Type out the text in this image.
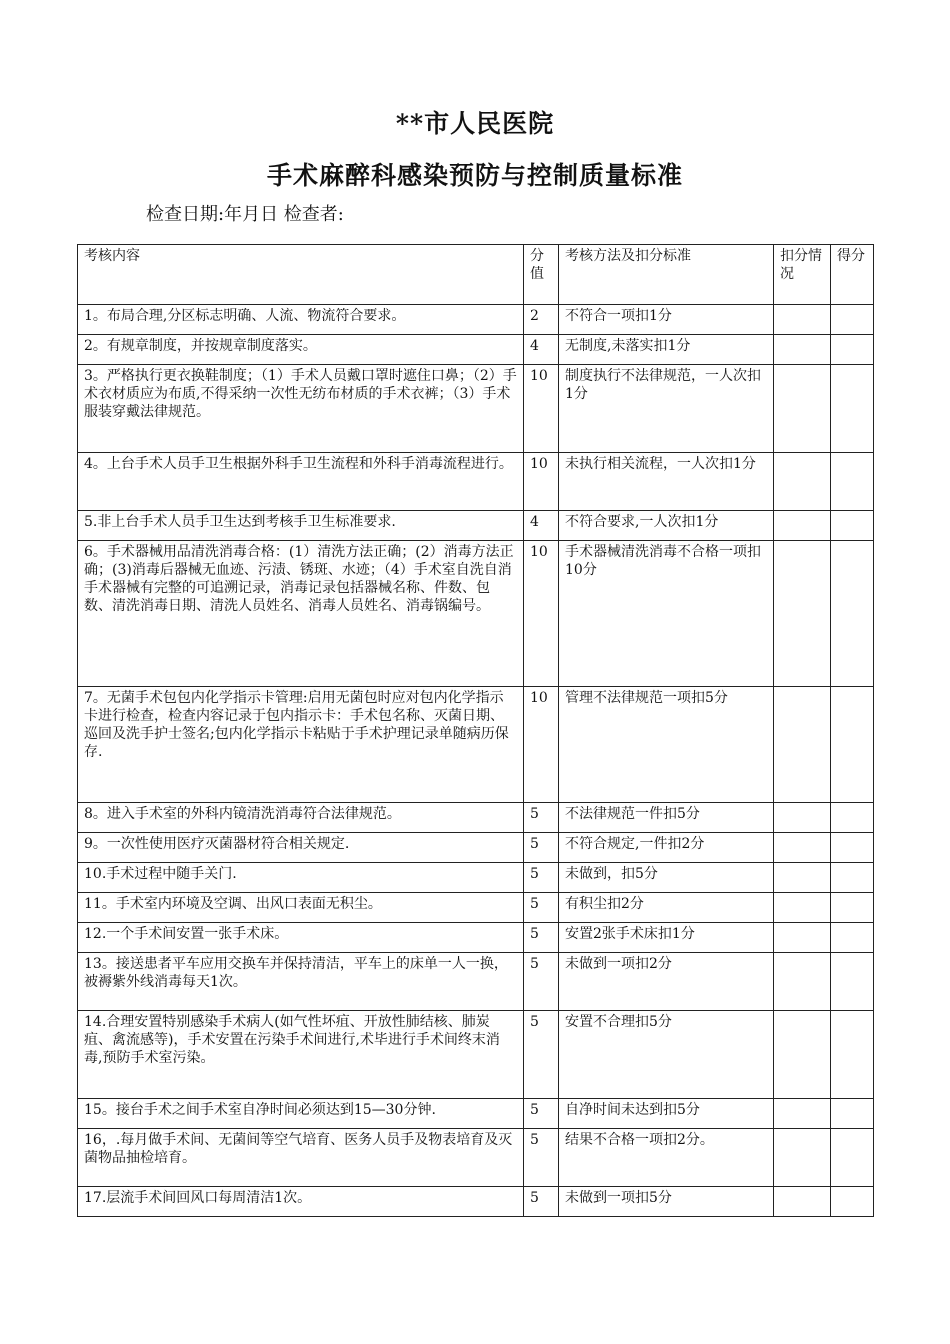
**市人民医院
手术麻醉科感染预防与控制质量标准
检查日期:年月日 检查者:
考核内容	分值	考核方法及扣分标准	扣分情况	得分
1。布局合理,分区标志明确、人流、物流符合要求。	2	不符合一项扣1分		
2。有规章制度，并按规章制度落实。	4	无制度,未落实扣1分		
3。严格执行更衣换鞋制度；（1）手术人员戴口罩时遮住口鼻；（2）手术衣材质应为布质,不得采纳一次性无纺布材质的手术衣裤；（3）手术服装穿戴法律规范。	10	制度执行不法律规范，一人次扣1分		
4。上台手术人员手卫生根据外科手卫生流程和外科手消毒流程进行。	10	未执行相关流程，一人次扣1分		
5.非上台手术人员手卫生达到考核手卫生标准要求.	4	不符合要求,一人次扣1分		
6。手术器械用品清洗消毒合格：(1）清洗方法正确；(2）消毒方法正确；(3)消毒后器械无血迹、污渍、锈斑、水迹；（4）手术室自洗自消手术器械有完整的可追溯记录，消毒记录包括器械名称、件数、包数、清洗消毒日期、清洗人员姓名、消毒人员姓名、消毒锅编号。	10	手术器械清洗消毒不合格一项扣10分		
7。无菌手术包包内化学指示卡管理:启用无菌包时应对包内化学指示卡进行检查，检查内容记录于包内指示卡：手术包名称、灭菌日期、巡回及洗手护士签名;包内化学指示卡粘贴于手术护理记录单随病历保存.	10	管理不法律规范一项扣5分		
8。进入手术室的外科内镜清洗消毒符合法律规范。	5	不法律规范一件扣5分		
9。一次性使用医疗灭菌器材符合相关规定.	5	不符合规定,一件扣2分		
10.手术过程中随手关门.	5	未做到，扣5分		
11。手术室内环境及空调、出风口表面无积尘。	5	有积尘扣2分		
12.一个手术间安置一张手术床。	5	安置2张手术床扣1分		
13。接送患者平车应用交换车并保持清洁，平车上的床单一人一换，被褥紫外线消毒每天1次。	5	未做到一项扣2分		
14.合理安置特别感染手术病人(如气性坏疽、开放性肺结核、肺炭疽、禽流感等)，手术安置在污染手术间进行,术毕进行手术间终末消毒,预防手术室污染。	5	安置不合理扣5分		
15。接台手术之间手术室自净时间必须达到15—30分钟.	5	自净时间未达到扣5分		
16，.每月做手术间、无菌间等空气培育、医务人员手及物表培育及灭菌物品抽检培育。	5	结果不合格一项扣2分。		
17.层流手术间回风口每周清洁1次。	5	未做到一项扣5分		
